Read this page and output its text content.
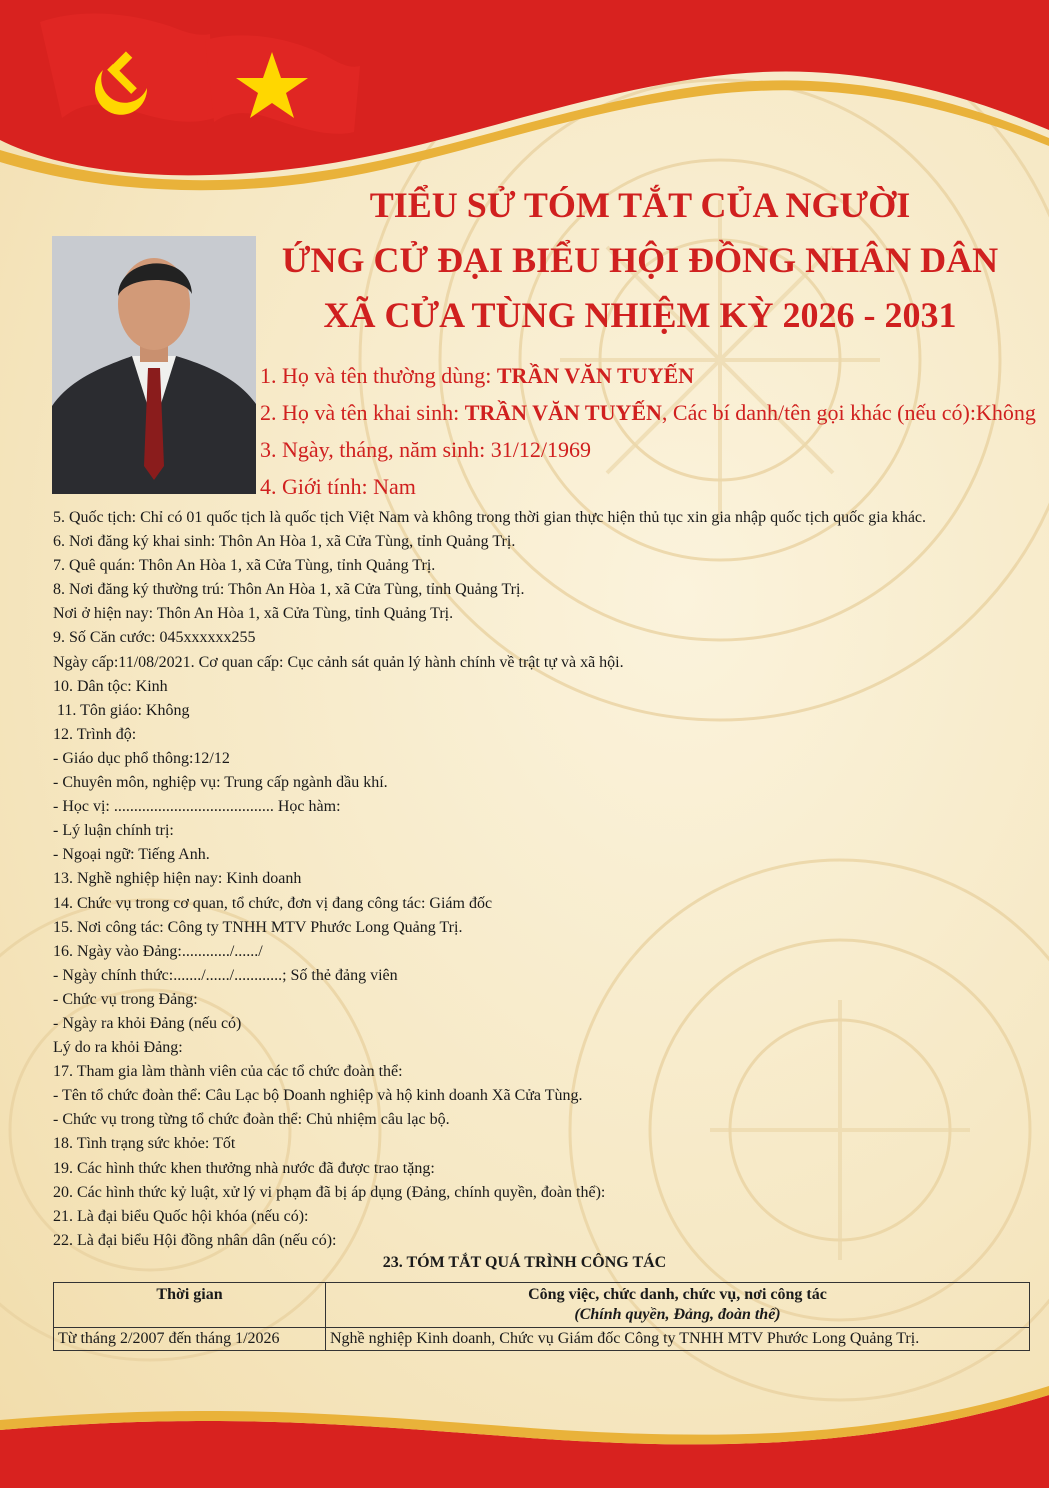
TIỂU SỬ TÓM TẮT CỦA NGƯỜI
ỨNG CỬ ĐẠI BIỂU HỘI ĐỒNG NHÂN DÂN
XÃ CỬA TÙNG NHIỆM KỲ 2026 - 2031
1. Họ và tên thường dùng: TRẦN VĂN TUYẾN
2. Họ và tên khai sinh: TRẦN VĂN TUYẾN, Các bí danh/tên gọi khác (nếu có):Không
3. Ngày, tháng, năm sinh: 31/12/1969
4. Giới tính: Nam
5. Quốc tịch: Chỉ có 01 quốc tịch là quốc tịch Việt Nam và không trong thời gian thực hiện thủ tục xin gia nhập quốc tịch quốc gia khác.
6. Nơi đăng ký khai sinh: Thôn An Hòa 1, xã Cửa Tùng, tỉnh Quảng Trị.
7. Quê quán: Thôn An Hòa 1, xã Cửa Tùng, tỉnh Quảng Trị.
8. Nơi đăng ký thường trú: Thôn An Hòa 1, xã Cửa Tùng, tỉnh Quảng Trị.
Nơi ở hiện nay: Thôn An Hòa 1, xã Cửa Tùng, tỉnh Quảng Trị.
9. Số Căn cước: 045xxxxxx255
Ngày cấp:11/08/2021. Cơ quan cấp: Cục cảnh sát quản lý hành chính về trật tự và xã hội.
10. Dân tộc: Kinh
11. Tôn giáo: Không
12. Trình độ:
- Giáo dục phổ thông:12/12
- Chuyên môn, nghiệp vụ: Trung cấp ngành dầu khí.
- Học vị: ........................................ Học hàm:
- Lý luận chính trị:
- Ngoại ngữ: Tiếng Anh.
13. Nghề nghiệp hiện nay: Kinh doanh
14. Chức vụ trong cơ quan, tổ chức, đơn vị đang công tác: Giám đốc
15. Nơi công tác: Công ty TNHH MTV Phước Long Quảng Trị.
16. Ngày vào Đảng:............/....../
- Ngày chính thức:......./....../............; Số thẻ đảng viên
- Chức vụ trong Đảng:
- Ngày ra khỏi Đảng (nếu có)
Lý do ra khỏi Đảng:
17. Tham gia làm thành viên của các tổ chức đoàn thể:
- Tên tổ chức đoàn thể: Câu Lạc bộ Doanh nghiệp và hộ kinh doanh Xã Cửa Tùng.
- Chức vụ trong từng tổ chức đoàn thể: Chủ nhiệm câu lạc bộ.
18. Tình trạng sức khỏe: Tốt
19. Các hình thức khen thưởng nhà nước đã được trao tặng:
20. Các hình thức kỷ luật, xử lý vi phạm đã bị áp dụng (Đảng, chính quyền, đoàn thể):
21. Là đại biểu Quốc hội khóa (nếu có):
22. Là đại biểu Hội đồng nhân dân (nếu có):
23. TÓM TẮT QUÁ TRÌNH CÔNG TÁC
Thời gian	Công việc, chức danh, chức vụ, nơi công tác
(Chính quyền, Đảng, đoàn thể)

Từ tháng 2/2007 đến tháng 1/2026	Nghề nghiệp Kinh doanh, Chức vụ Giám đốc Công ty TNHH MTV Phước Long Quảng Trị.
